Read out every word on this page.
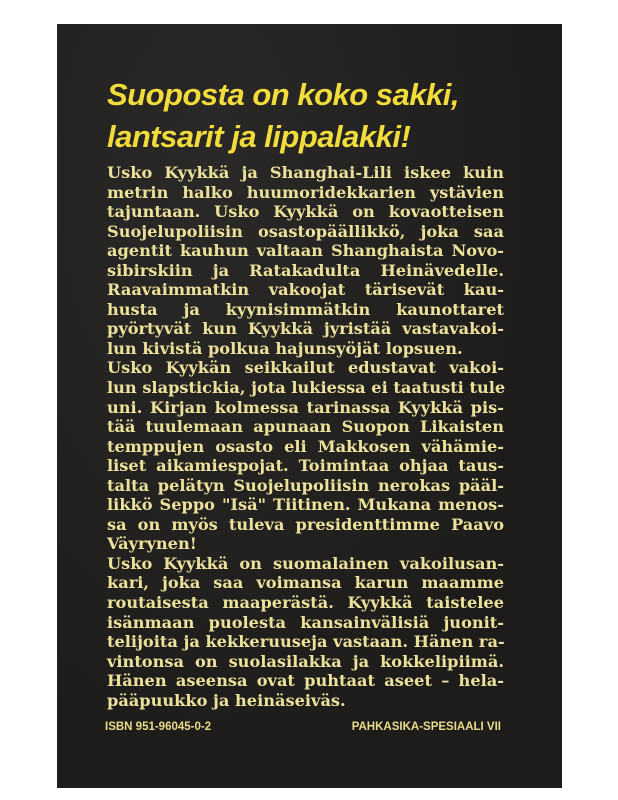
Suoposta on koko sakki,
lantsarit ja lippalakki!
Usko Kyykkä ja Shanghai-Lili iskee kuin
metrin halko huumoridekkarien ystävien
tajuntaan. Usko Kyykkä on kovaotteisen
Suojelupoliisin osastopäällikkö, joka saa
agentit kauhun valtaan Shanghaista Novo-
sibirskiin ja Ratakadulta Heinävedelle.
Raavaimmatkin vakoojat tärisevät kau-
husta ja kyynisimmätkin kaunottaret
pyörtyvät kun Kyykkä jyristää vastavakoi-
lun kivistä polkua hajunsyöjät lopsuen.
Usko Kyykän seikkailut edustavat vakoi-
lun slapstickia, jota lukiessa ei taatusti tule
uni. Kirjan kolmessa tarinassa Kyykkä pis-
tää tuulemaan apunaan Suopon Likaisten
temppujen osasto eli Makkosen vähämie-
liset aikamiespojat. Toimintaa ohjaa taus-
talta pelätyn Suojelupoliisin nerokas pääl-
likkö Seppo "Isä" Tiitinen. Mukana menos-
sa on myös tuleva presidenttimme Paavo
Väyrynen!
Usko Kyykkä on suomalainen vakoilusan-
kari, joka saa voimansa karun maamme
routaisesta maaperästä. Kyykkä taistelee
isänmaan puolesta kansainvälisiä juonit-
telijoita ja kekkeruuseja vastaan. Hänen ra-
vintonsa on suolasilakka ja kokkelipiimä.
Hänen aseensa ovat puhtaat aseet – hela-
pääpuukko ja heinäseiväs.
ISBN 951-96045-0-2	PAHKASIKA-SPESIAALI VII
